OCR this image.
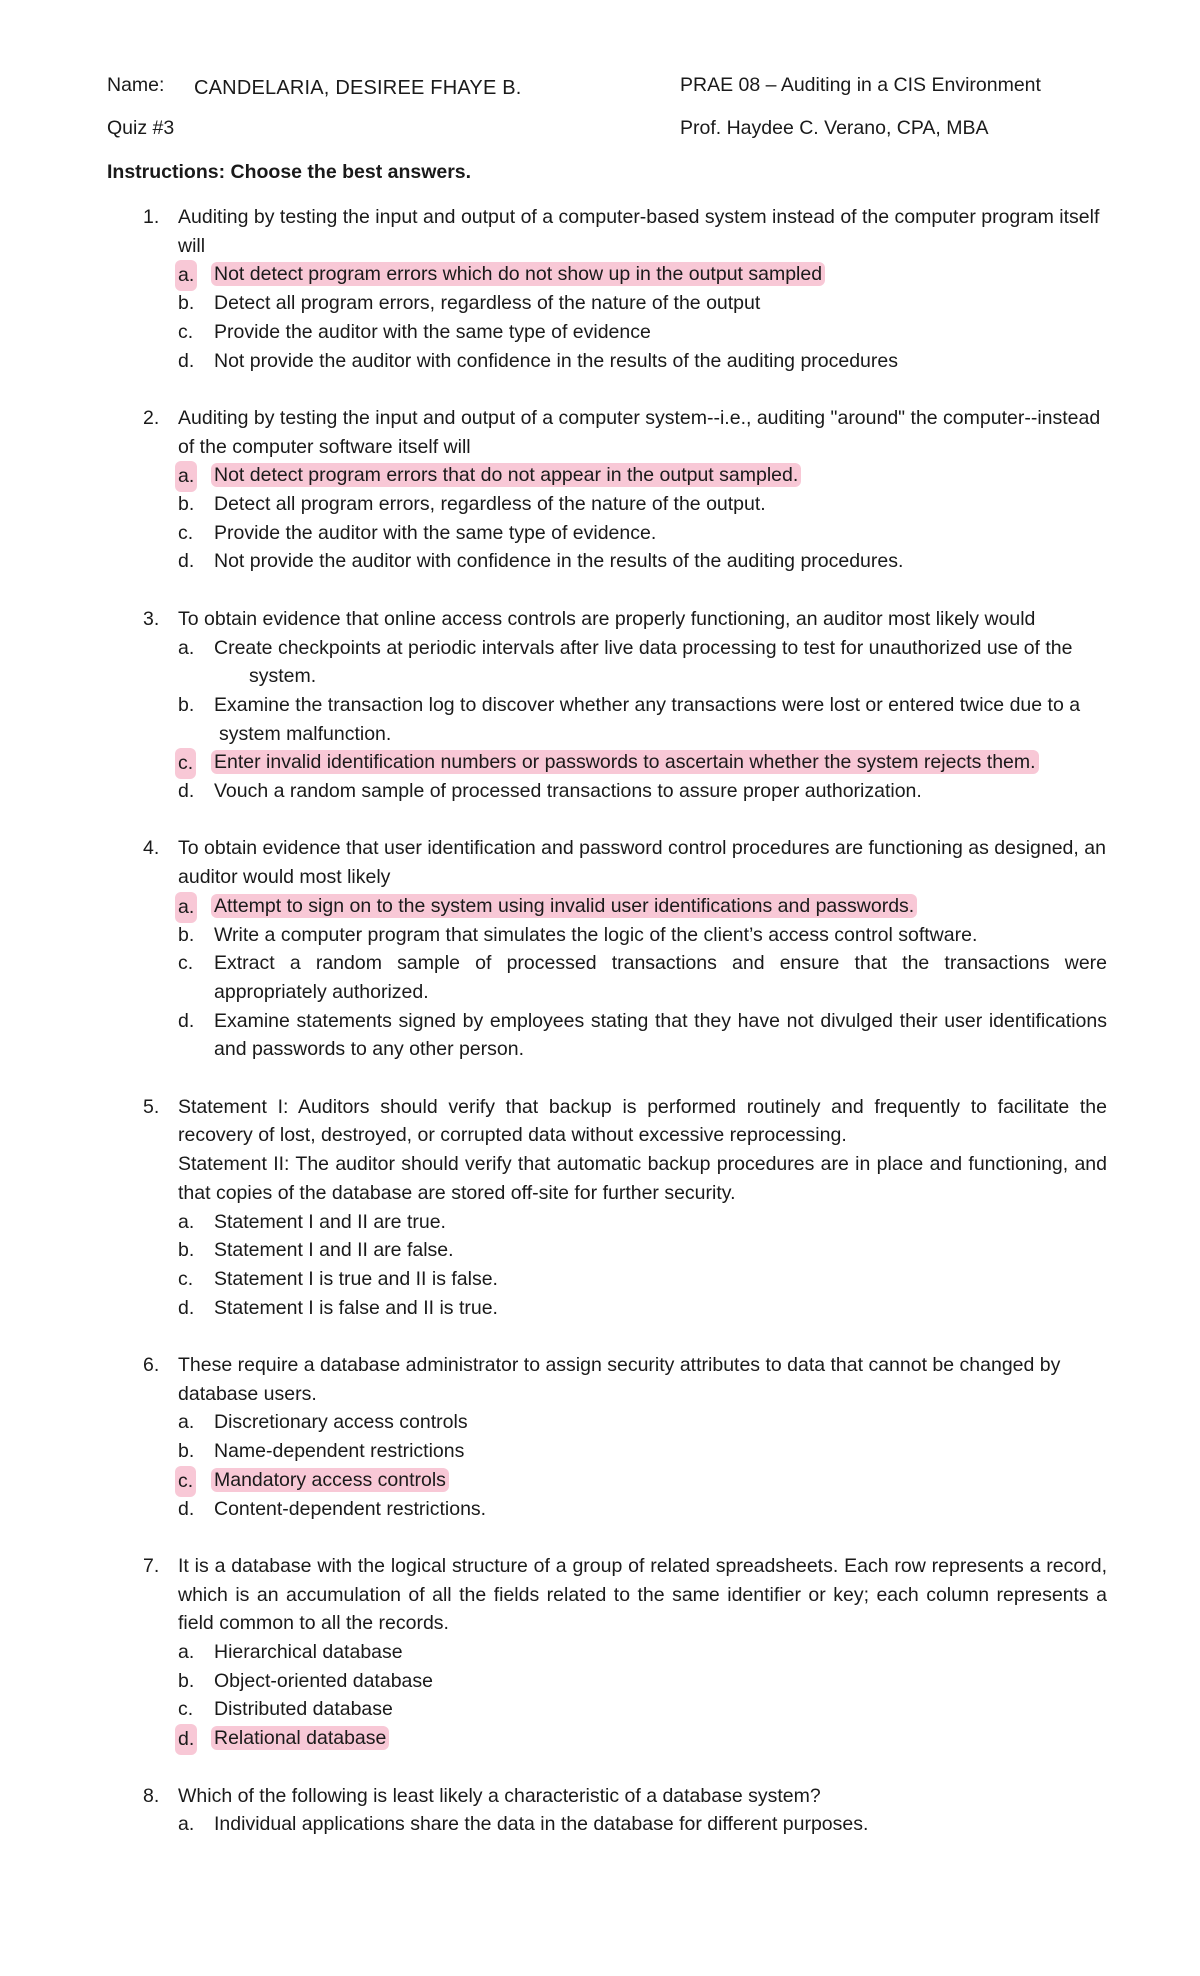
Name: CANDELARIA, DESIREE FHAYE B.	PRAE 08 – Auditing in a CIS Environment
Quiz #3	Prof. Haydee C. Verano, CPA, MBA
Instructions: Choose the best answers.
1. Auditing by testing the input and output of a computer-based system instead of the computer program itself will
a. Not detect program errors which do not show up in the output sampled
b. Detect all program errors, regardless of the nature of the output
c. Provide the auditor with the same type of evidence
d. Not provide the auditor with confidence in the results of the auditing procedures
2. Auditing by testing the input and output of a computer system--i.e., auditing "around" the computer--instead of the computer software itself will
a. Not detect program errors that do not appear in the output sampled.
b. Detect all program errors, regardless of the nature of the output.
c. Provide the auditor with the same type of evidence.
d. Not provide the auditor with confidence in the results of the auditing procedures.
3. To obtain evidence that online access controls are properly functioning, an auditor most likely would
a. Create checkpoints at periodic intervals after live data processing to test for unauthorized use of the system.
b. Examine the transaction log to discover whether any transactions were lost or entered twice due to a system malfunction.
c. Enter invalid identification numbers or passwords to ascertain whether the system rejects them.
d. Vouch a random sample of processed transactions to assure proper authorization.
4. To obtain evidence that user identification and password control procedures are functioning as designed, an auditor would most likely
a. Attempt to sign on to the system using invalid user identifications and passwords.
b. Write a computer program that simulates the logic of the client’s access control software.
c. Extract a random sample of processed transactions and ensure that the transactions were appropriately authorized.
d. Examine statements signed by employees stating that they have not divulged their user identifications and passwords to any other person.
5. Statement I: Auditors should verify that backup is performed routinely and frequently to facilitate the recovery of lost, destroyed, or corrupted data without excessive reprocessing.
Statement II: The auditor should verify that automatic backup procedures are in place and functioning, and that copies of the database are stored off-site for further security.
a. Statement I and II are true.
b. Statement I and II are false.
c. Statement I is true and II is false.
d. Statement I is false and II is true.
6. These require a database administrator to assign security attributes to data that cannot be changed by database users.
a. Discretionary access controls
b. Name-dependent restrictions
c. Mandatory access controls
d. Content-dependent restrictions.
7. It is a database with the logical structure of a group of related spreadsheets. Each row represents a record, which is an accumulation of all the fields related to the same identifier or key; each column represents a field common to all the records.
a. Hierarchical database
b. Object-oriented database
c. Distributed database
d. Relational database
8. Which of the following is least likely a characteristic of a database system?
a. Individual applications share the data in the database for different purposes.
